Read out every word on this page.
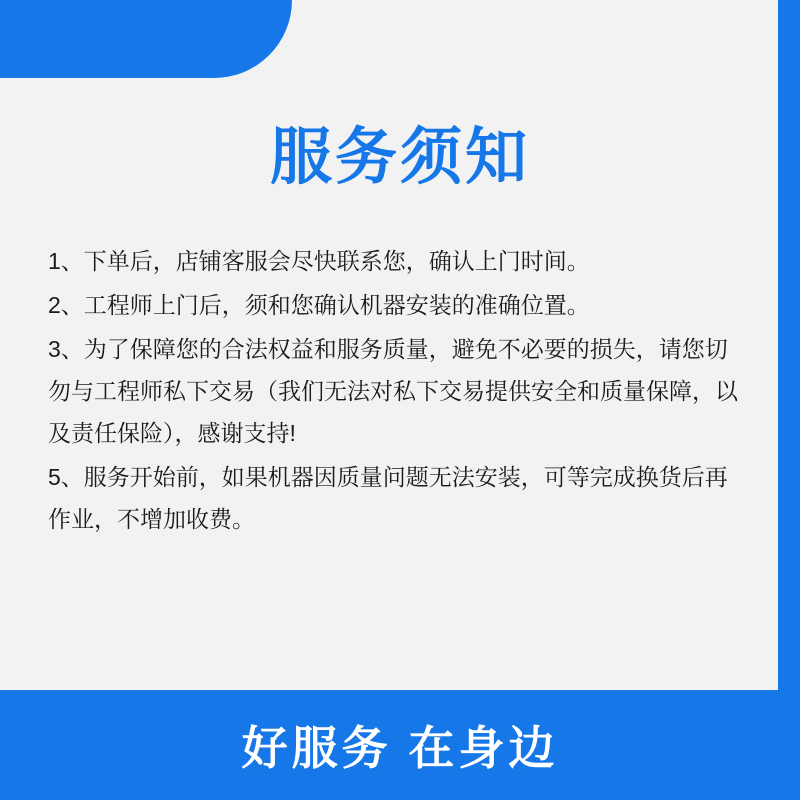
服务须知

1、下单后，店铺客服会尽快联系您，确认上门时间。

2、工程师上门后，须和您确认机器安装的准确位置。

3、为了保障您的合法权益和服务质量，避免不必要的损失，请您切勿与工程师私下交易（我们无法对私下交易提供安全和质量保障，以及责任保险），感谢支持!

5、服务开始前，如果机器因质量问题无法安装，可等完成换货后再作业，不增加收费。

好服务 在身边
